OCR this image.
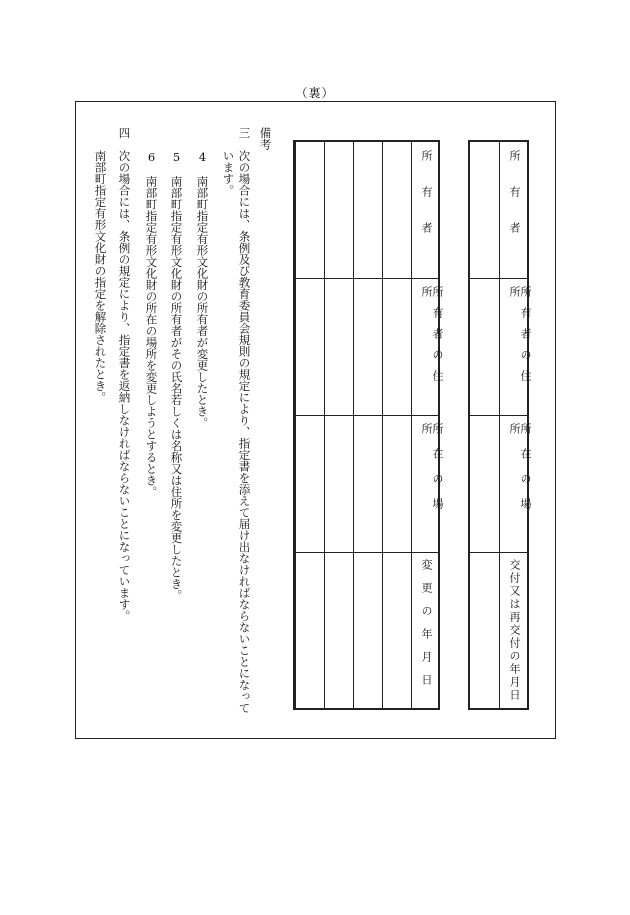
（裏）
所有者
所有者の住所
所在の場所
交付又は再交付の年月日
所有者
所有者の住所
所在の場所
変更の年月日
備考
三　次の場合には、条例及び教育委員会規則の規定により、指定書を添えて届け出なければならないことになって
います。
4　南部町指定有形文化財の所有者が変更したとき。
5　南部町指定有形文化財の所有者がその氏名若しくは名称又は住所を変更したとき。
6　南部町指定有形文化財の所在の場所を変更しようとするとき。
四　次の場合には、条例の規定により、指定書を返納しなければならないことになっています。
南部町指定有形文化財の指定を解除されたとき。
